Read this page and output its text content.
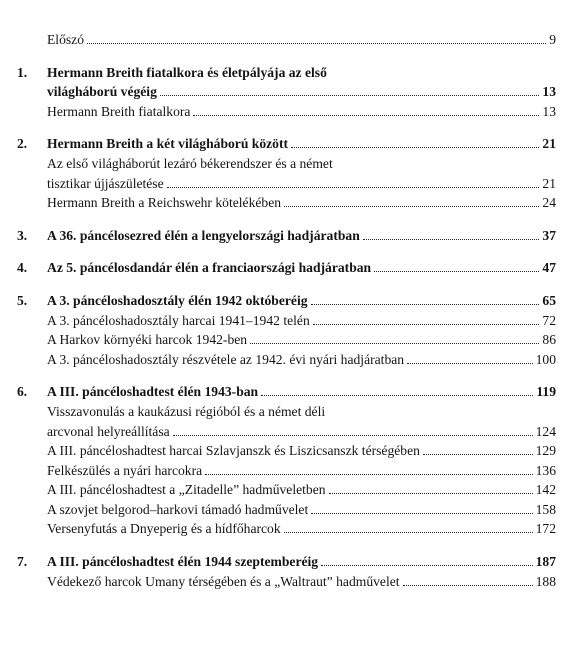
Előszó	9
1.	Hermann Breith fiatalkora és életpályája az első
világháború végéig	13
Hermann Breith fiatalkora	13
2.	Hermann Breith a két világháború között	21
Az első világháborút lezáró békerendszer és a német
tisztikar újjászületése	21
Hermann Breith a Reichswehr kötelékében	24
3.	A 36. páncélosezred élén a lengyelországi hadjáratban	37
4.	Az 5. páncélosdandár élén a franciaországi hadjáratban	47
5.	A 3. páncéloshadosztály élén 1942 októberéig	65
A 3. páncéloshadosztály harcai 1941–1942 telén	72
A Harkov környéki harcok 1942-ben	86
A 3. páncéloshadosztály részvétele az 1942. évi nyári hadjáratban	100
6.	A III. páncéloshadtest élén 1943-ban	119
Visszavonulás a kaukázusi régióból és a német déli
arcvonal helyreállítása	124
A III. páncéloshadtest harcai Szlavjanszk és Liszicsanszk térségében	129
Felkészülés a nyári harcokra	136
A III. páncéloshadtest a „Zitadelle” hadműveletben	142
A szovjet belgorod–harkovi támadó hadművelet	158
Versenyfutás a Dnyeperig és a hídfőharcok	172
7.	A III. páncéloshadtest élén 1944 szeptemberéig	187
Védekező harcok Umany térségében és a „Waltraut” hadművelet	188
